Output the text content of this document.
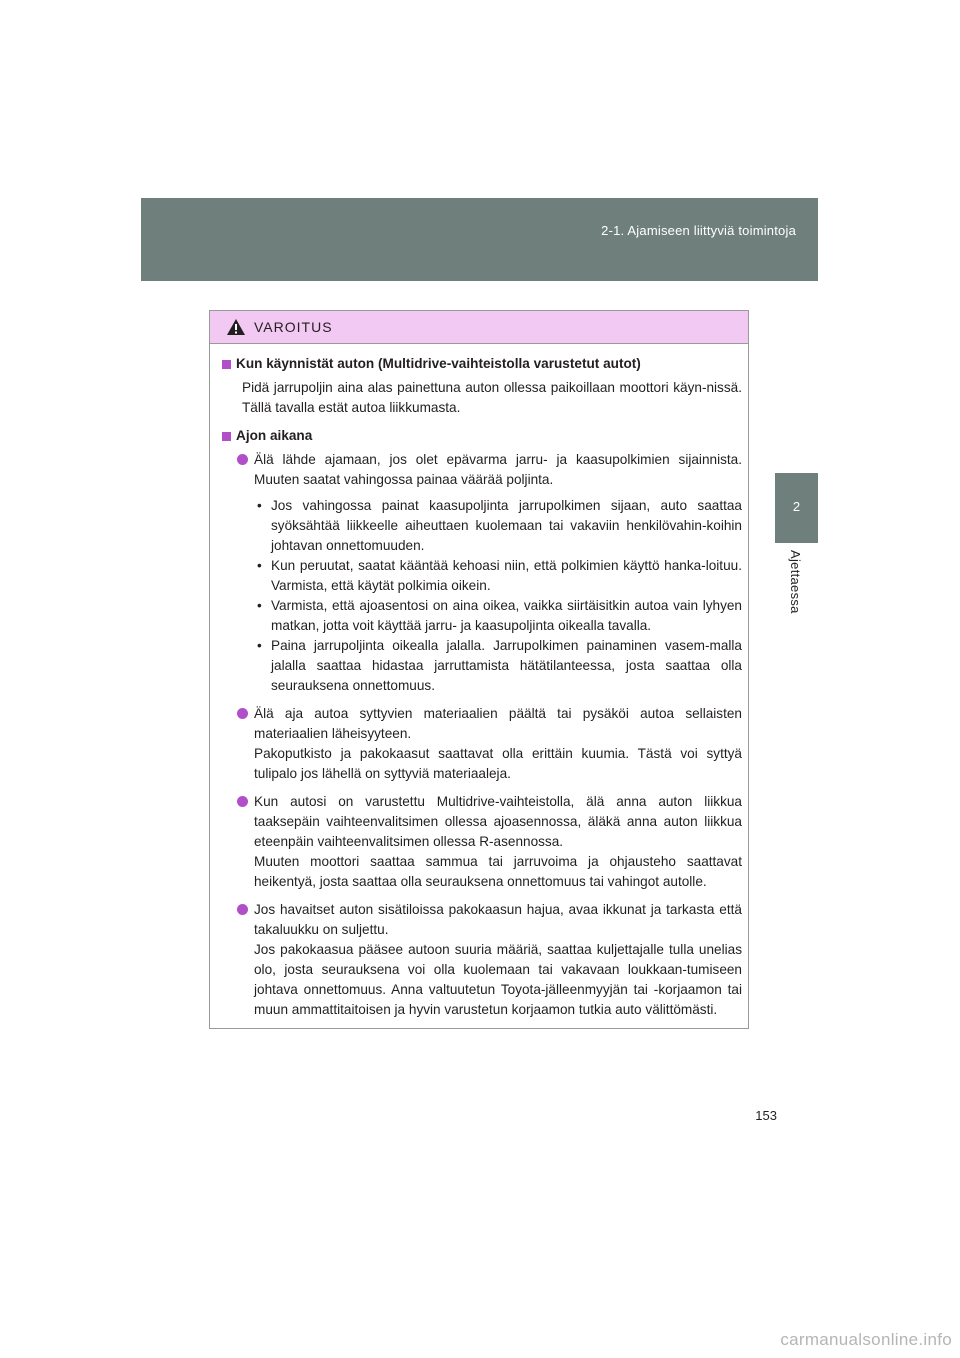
2-1. Ajamiseen liittyviä toimintoja
2
Ajettaessa
VAROITUS
Kun käynnistät auton (Multidrive-vaihteistolla varustetut autot)

Pidä jarrupoljin aina alas painettuna auton ollessa paikoillaan moottori käyn-nissä. Tällä tavalla estät autoa liikkumasta.

Ajon aikana

Älä lähde ajamaan, jos olet epävarma jarru- ja kaasupolkimien sijainnista. Muuten saatat vahingossa painaa väärää poljinta.

• Jos vahingossa painat kaasupoljinta jarrupolkimen sijaan, auto saattaa syöksähtää liikkeelle aiheuttaen kuolemaan tai vakaviin henkilövahin-koihin johtavan onnettomuuden.
• Kun peruutat, saatat kääntää kehoasi niin, että polkimien käyttö hanka-loituu. Varmista, että käytät polkimia oikein.
• Varmista, että ajoasentosi on aina oikea, vaikka siirtäisitkin autoa vain lyhyen matkan, jotta voit käyttää jarru- ja kaasupoljinta oikealla tavalla.
• Paina jarrupoljinta oikealla jalalla. Jarrupolkimen painaminen vasem-malla jalalla saattaa hidastaa jarruttamista hätätilanteessa, josta saattaa olla seurauksena onnettomuus.

Älä aja autoa syttyvien materiaalien päältä tai pysäköi autoa sellaisten materiaalien läheisyyteen.

Pakoputkisto ja pakokaasut saattavat olla erittäin kuumia. Tästä voi syttyä tulipalo jos lähellä on syttyviä materiaaleja.

Kun autosi on varustettu Multidrive-vaihteistolla, älä anna auton liikkua taaksepäin vaihteenvalitsimen ollessa ajoasennossa, äläkä anna auton liikkua eteenpäin vaihteenvalitsimen ollessa R-asennossa.

Muuten moottori saattaa sammua tai jarruvoima ja ohjausteho saattavat heikentyä, josta saattaa olla seurauksena onnettomuus tai vahingot autolle.

Jos havaitset auton sisätiloissa pakokaasun hajua, avaa ikkunat ja tarkasta että takaluukku on suljettu.

Jos pakokaasua pääsee autoon suuria määriä, saattaa kuljettajalle tulla unelias olo, josta seurauksena voi olla kuolemaan tai vakavaan loukkaan-tumiseen johtava onnettomuus. Anna valtuutetun Toyota-jälleenmyyjän tai -korjaamon tai muun ammattitaitoisen ja hyvin varustetun korjaamon tutkia auto välittömästi.

153
carmanualsonline.info
